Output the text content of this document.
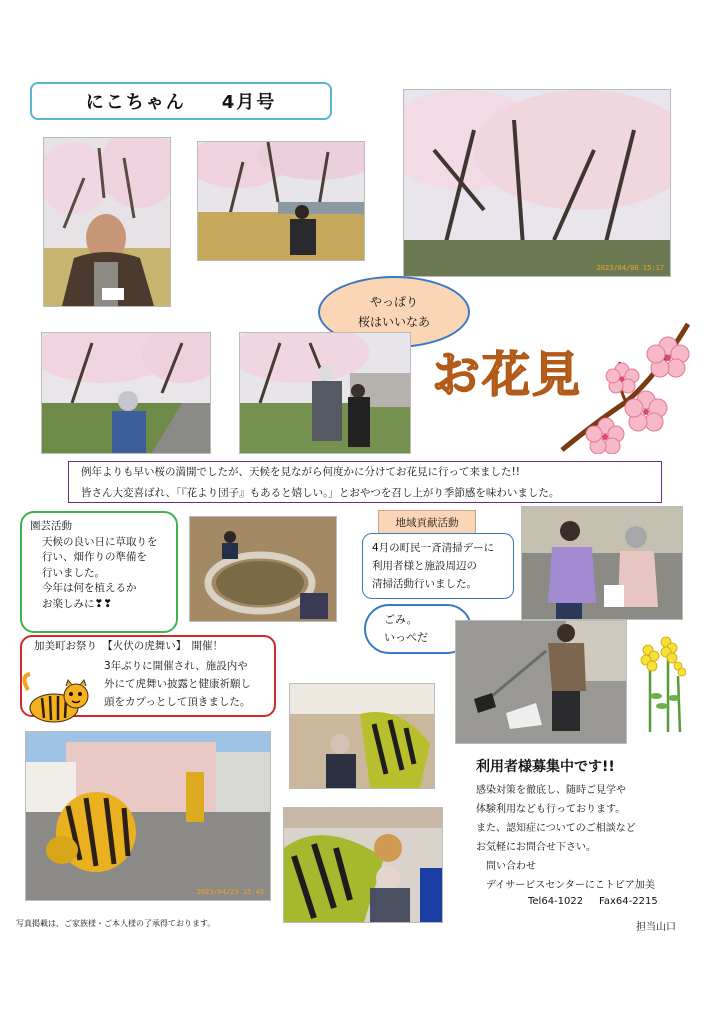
にこちゃん 4月号
2023/04/06 15:17
やっぱり
桜はいいなあ
お花見
例年よりも早い桜の満開でしたが、天候を見ながら何度かに分けてお花見に行って来ました!!
皆さん大変喜ばれ、「『花より団子』もあると嬉しい。」とおやつを召し上がり季節感を味わいました。
園芸活動
天候の良い日に草取りを
行い、畑作りの準備を
行いました。
今年は何を植えるか
お楽しみに❣❣
地域貢献活動
4月の町民一斉清掃デーに
利用者様と施設周辺の
清掃活動行いました。
ごみ。
いっぺだ
加美町お祭り　【火伏の虎舞い】　開催！
3年ぶりに開催され、施設内や
外にて虎舞い披露と健康祈願し
頭をカプっとして頂きました。
2023/04/29 15:43
利用者様募集中です!!
感染対策を徹底し、随時ご見学や
体験利用なども行っております。
また、認知症についてのご相談など
お気軽にお問合せ下さい。
問い合わせ
デイサービスセンターにこトピア加美
Tel64-1022 Fax64-2215
写真掲載は、ご家族様・ご本人様の了承得ております。	担当山口
